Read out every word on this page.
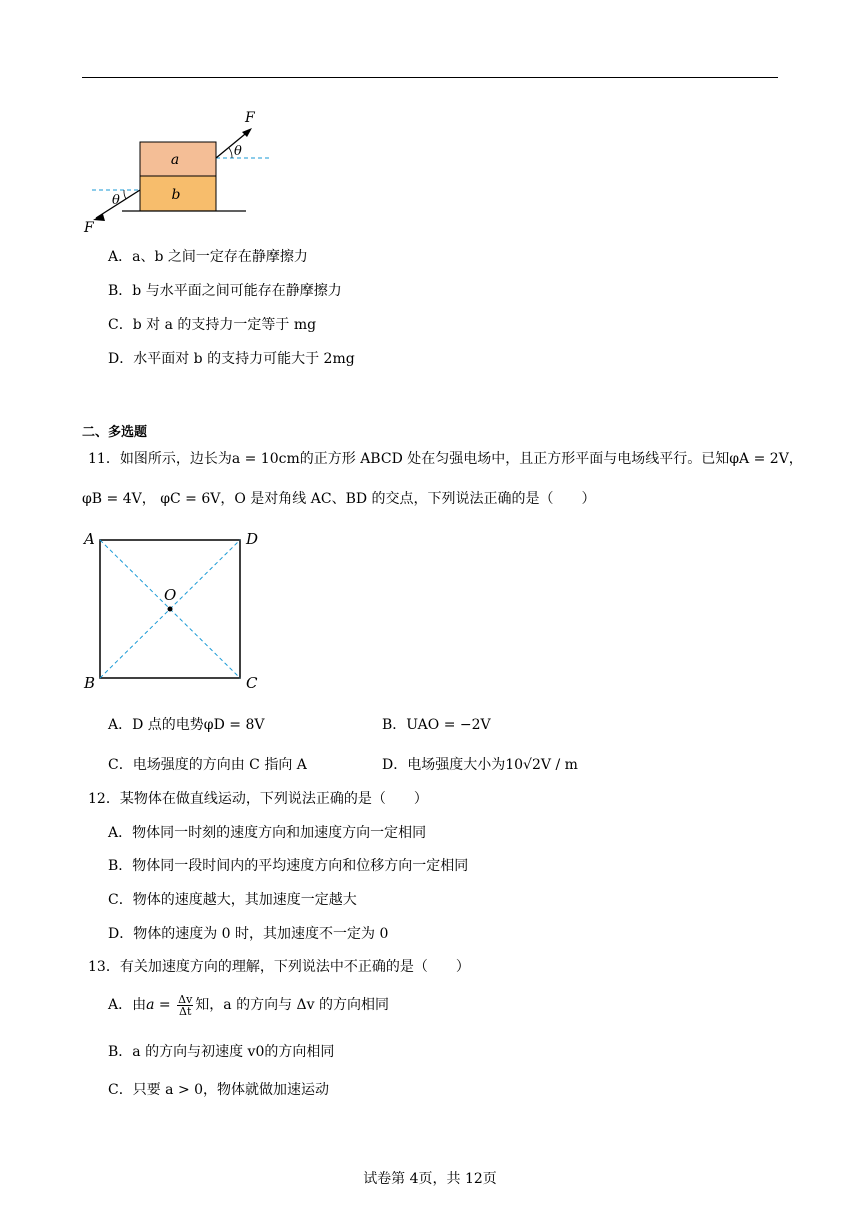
a
b
F
F
θ
θ
A．a、b 之间一定存在静摩擦力
B．b 与水平面之间可能存在静摩擦力
C．b 对 a 的支持力一定等于 mg
D．水平面对 b 的支持力可能大于 2mg
二、多选题
11．如图所示，边长为a = 10cm的正方形 ABCD 处在匀强电场中，且正方形平面与电场线平行。已知φA = 2V，
φB = 4V， φC = 6V，O 是对角线 AC、BD 的交点，下列说法正确的是（　　）
A	D
B	C
O
A．D 点的电势φD = 8V	B．UAO = −2V
C．电场强度的方向由 C 指向 A	D．电场强度大小为10√2V / m
12．某物体在做直线运动，下列说法正确的是（　　）
A．物体同一时刻的速度方向和加速度方向一定相同
B．物体同一段时间内的平均速度方向和位移方向一定相同
C．物体的速度越大，其加速度一定越大
D．物体的速度为 0 时，其加速度不一定为 0
13．有关加速度方向的理解，下列说法中不正确的是（　　）
A．由$a = \frac{\Delta v}{\Delta t}$ 知，a 的方向与 Δv 的方向相同
B．a 的方向与初速度 v0的方向相同
C．只要 a > 0，物体就做加速运动
试卷第 4页，共 12页
